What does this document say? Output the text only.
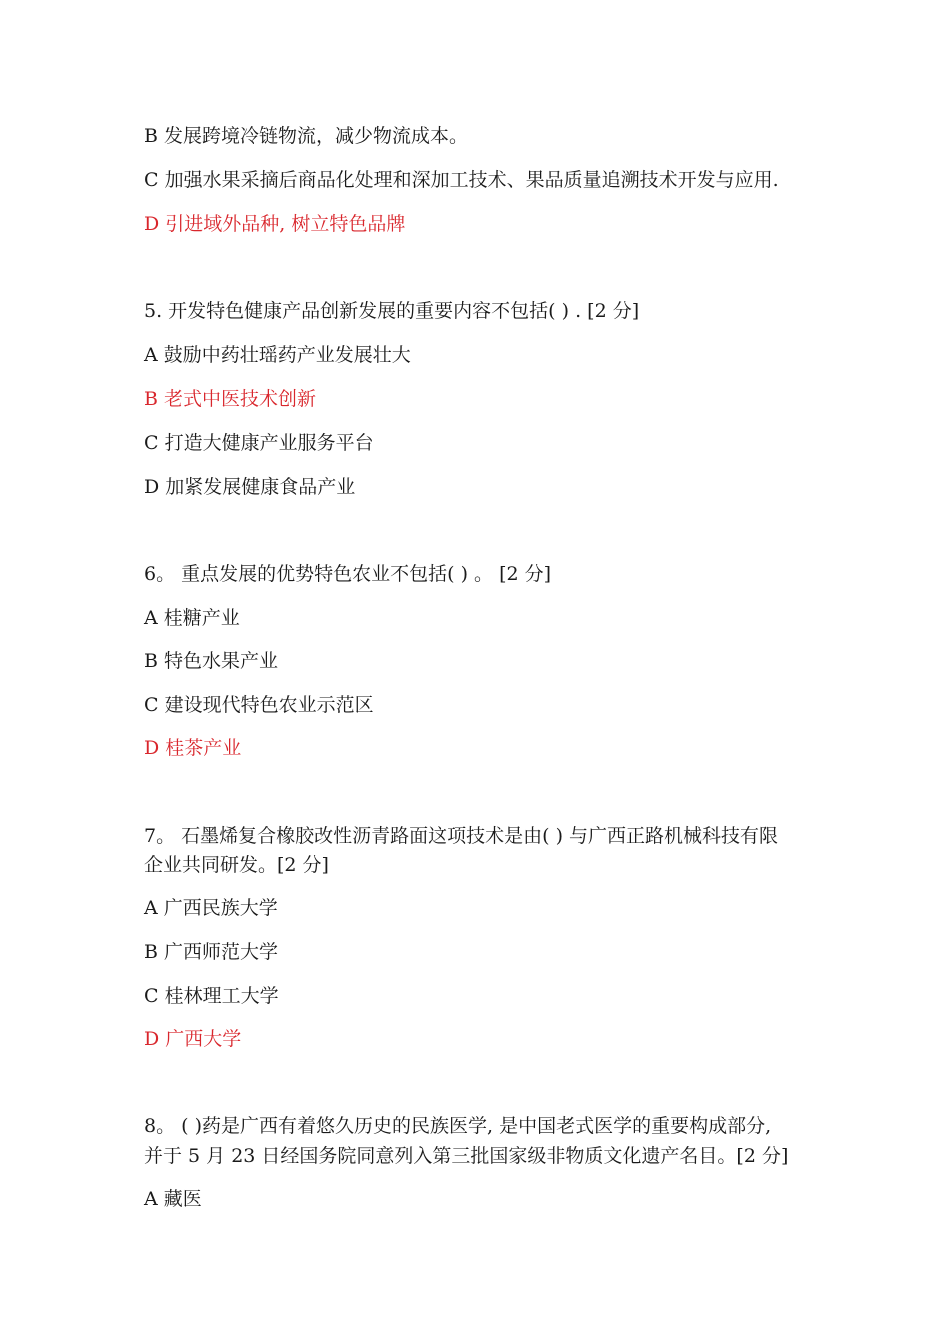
B 发展跨境冷链物流，减少物流成本。
C 加强水果采摘后商品化处理和深加工技术、果品质量追溯技术开发与应用.
D 引进域外品种, 树立特色品牌
5. 开发特色健康产品创新发展的重要内容不包括( ) . [2 分]
A 鼓励中药壮瑶药产业发展壮大
B 老式中医技术创新
C 打造大健康产业服务平台
D 加紧发展健康食品产业
6。 重点发展的优势特色农业不包括( ) 。 [2 分]
A 桂糖产业
B 特色水果产业
C 建设现代特色农业示范区
D 桂茶产业
7。 石墨烯复合橡胶改性沥青路面这项技术是由( ) 与广西正路机械科技有限
企业共同研发。[2 分]
A 广西民族大学
B 广西师范大学
C 桂林理工大学
D 广西大学
8。 ( )药是广西有着悠久历史的民族医学, 是中国老式医学的重要构成部分,
并于 5 月 23 日经国务院同意列入第三批国家级非物质文化遗产名目。[2 分]
A 藏医
